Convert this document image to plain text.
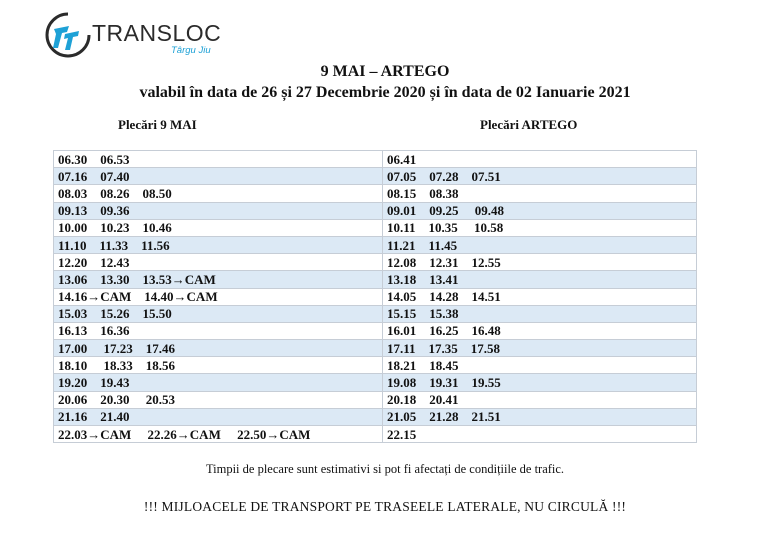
TRANSLOC
Târgu Jiu
9 MAI – ARTEGO
valabil în data de 26 și 27 Decembrie 2020 și în data de 02 Ianuarie 2021
Plecări 9 MAI	Plecări ARTEGO
06.30    06.53	06.41
07.16    07.40	07.05    07.28    07.51
08.03    08.26    08.50	08.15    08.38
09.13    09.36	09.01    09.25     09.48
10.00    10.23    10.46	10.11    10.35     10.58
11.10    11.33    11.56	11.21    11.45
12.20    12.43	12.08    12.31    12.55
13.06    13.30    13.53→CAM	13.18    13.41
14.16→CAM    14.40→CAM	14.05    14.28    14.51
15.03    15.26    15.50	15.15    15.38
16.13    16.36	16.01    16.25    16.48
17.00     17.23    17.46	17.11    17.35    17.58
18.10     18.33    18.56	18.21    18.45
19.20    19.43	19.08    19.31    19.55
20.06    20.30     20.53	20.18    20.41
21.16    21.40	21.05    21.28    21.51
22.03→CAM     22.26→CAM     22.50→CAM	22.15
Timpii de plecare sunt estimativi si pot fi afectați de condițiile de trafic.
!!! MIJLOACELE DE TRANSPORT PE TRASEELE LATERALE, NU CIRCULĂ !!!
